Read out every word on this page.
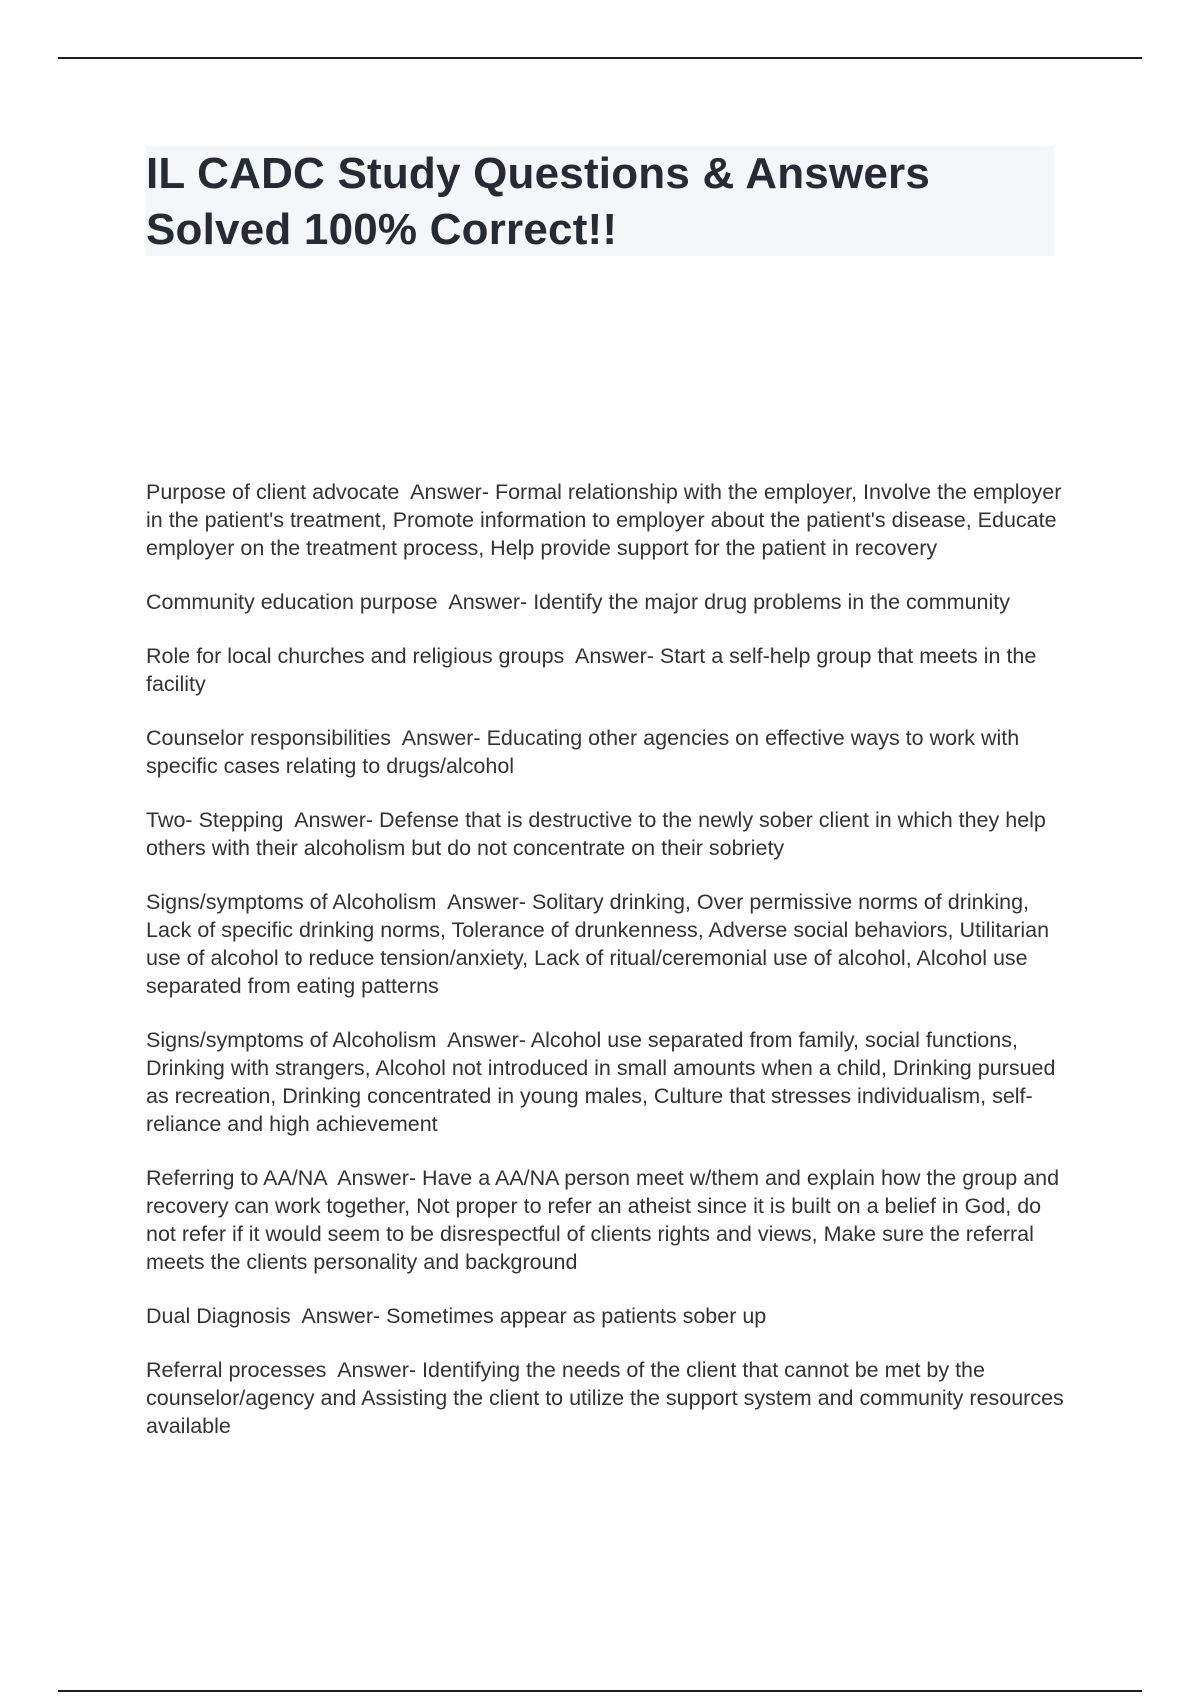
IL CADC Study Questions & Answers
Solved 100% Correct!!

Purpose of client advocate  Answer- Formal relationship with the employer, Involve the employer in the patient's treatment, Promote information to employer about the patient's disease, Educate employer on the treatment process, Help provide support for the patient in recovery

Community education purpose  Answer- Identify the major drug problems in the community

Role for local churches and religious groups  Answer- Start a self-help group that meets in the facility

Counselor responsibilities  Answer- Educating other agencies on effective ways to work with specific cases relating to drugs/alcohol

Two- Stepping  Answer- Defense that is destructive to the newly sober client in which they help others with their alcoholism but do not concentrate on their sobriety

Signs/symptoms of Alcoholism  Answer- Solitary drinking, Over permissive norms of drinking, Lack of specific drinking norms, Tolerance of drunkenness, Adverse social behaviors, Utilitarian use of alcohol to reduce tension/anxiety, Lack of ritual/ceremonial use of alcohol, Alcohol use separated from eating patterns

Signs/symptoms of Alcoholism  Answer- Alcohol use separated from family, social functions, Drinking with strangers, Alcohol not introduced in small amounts when a child, Drinking pursued as recreation, Drinking concentrated in young males, Culture that stresses individualism, self-reliance and high achievement

Referring to AA/NA  Answer- Have a AA/NA person meet w/them and explain how the group and recovery can work together, Not proper to refer an atheist since it is built on a belief in God, do not refer if it would seem to be disrespectful of clients rights and views, Make sure the referral meets the clients personality and background

Dual Diagnosis  Answer- Sometimes appear as patients sober up

Referral processes  Answer- Identifying the needs of the client that cannot be met by the counselor/agency and Assisting the client to utilize the support system and community resources available
